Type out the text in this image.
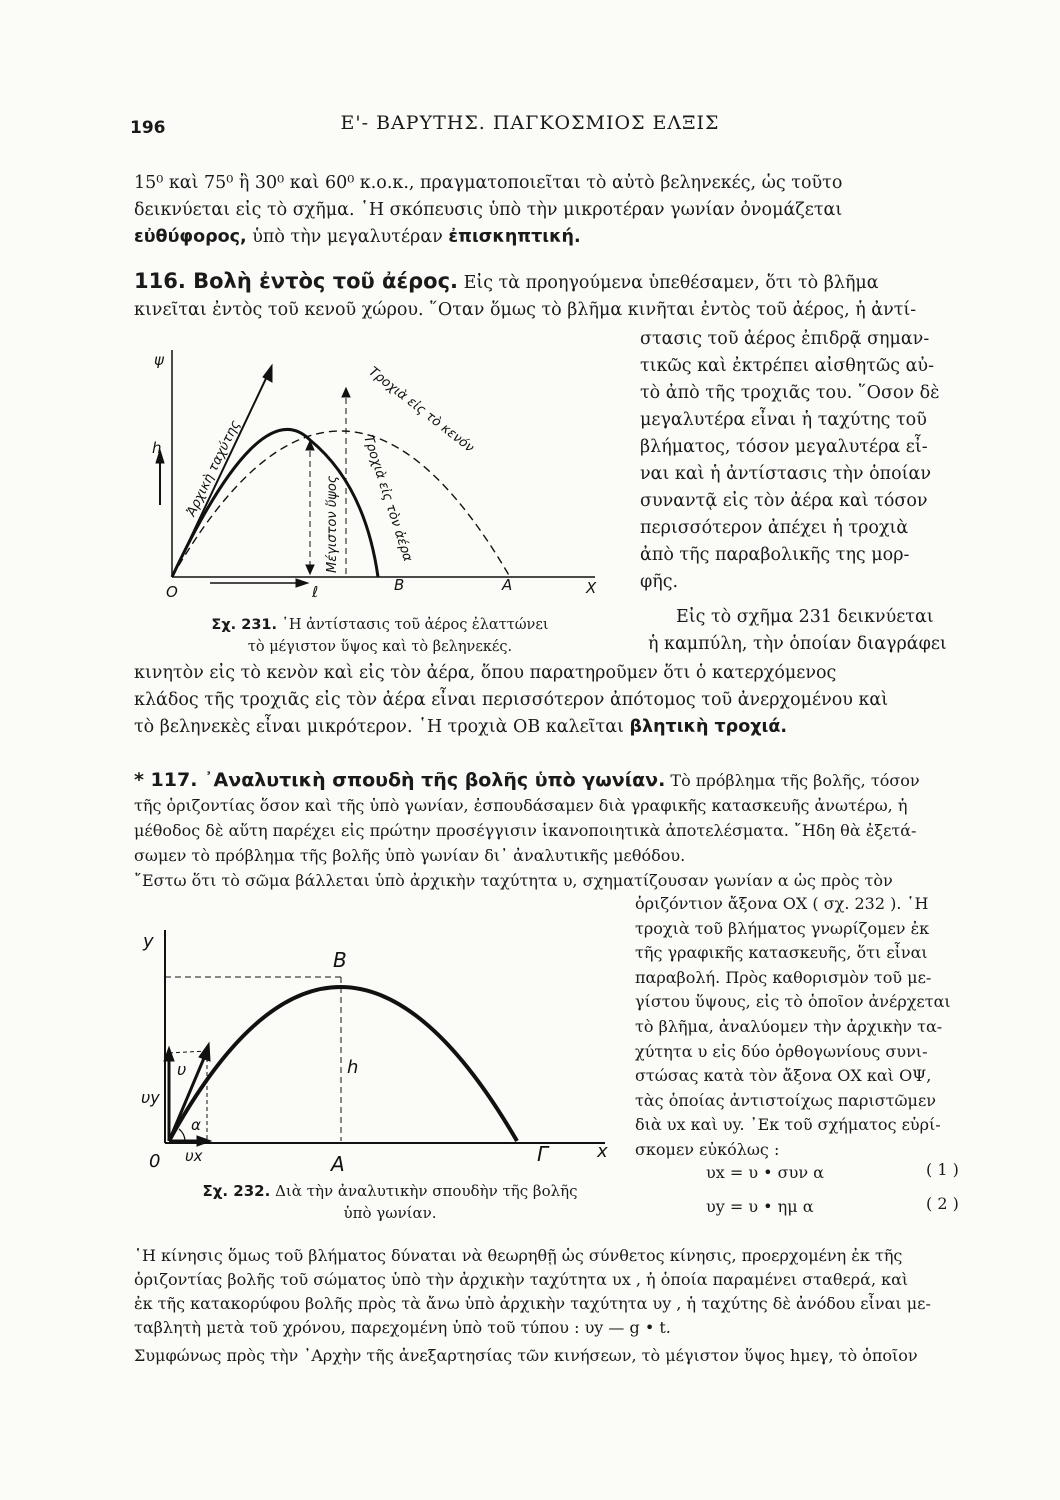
196	Ε'- ΒΑΡΥΤΗΣ. ΠΑΓΚΟΣΜΙΟΣ ΕΛΞΙΣ
15⁰ καὶ 75⁰ ἢ 30⁰ καὶ 60⁰ κ.ο.κ., πραγματοποιεῖται τὸ αὐτὸ βεληνεκές, ὡς τοῦτο
δεικνύεται εἰς τὸ σχῆμα. ῾Η σκόπευσις ὑπὸ τὴν μικροτέραν γωνίαν ὀνομάζεται
εὐθύφορος, ὑπὸ τὴν μεγαλυτέραν ἐπισκηπτική.
116. Βολὴ ἐντὸς τοῦ ἀέρος. Εἰς τὰ προηγούμενα ὑπεθέσαμεν, ὅτι τὸ βλῆμα
κινεῖται ἐντὸς τοῦ κενοῦ χώρου. ῞Οταν ὅμως τὸ βλῆμα κινῆται ἐντὸς τοῦ ἀέρος, ἡ ἀντί-
στασις τοῦ ἀέρος ἐπιδρᾷ σημαν-
τικῶς καὶ ἐκτρέπει αἰσθητῶς αὐ-
τὸ ἀπὸ τῆς τροχιᾶς του. ῞Οσον δὲ
μεγαλυτέρα εἶναι ἡ ταχύτης τοῦ
βλήματος, τόσον μεγαλυτέρα εἶ-
ναι καὶ ἡ ἀντίστασις τὴν ὁποίαν
συναντᾷ εἰς τὸν ἀέρα καὶ τόσον
περισσότερον ἀπέχει ἡ τροχιὰ
ἀπὸ τῆς παραβολικῆς της μορ-
φῆς.
Εἰς τὸ σχῆμα 231 δεικνύεται
ἡ καμπύλη, τὴν ὁποίαν διαγράφει
ψ
h
O	ℓ	B	A	X
Ἀρχικὴ ταχύτης
Τροχιὰ εἰς τὸ κενόν
Τροχιὰ εἰς τὸν ἀέρα
Μέγιστον ὕψος
Σχ. 231. ῾Η ἀντίστασις τοῦ ἀέρος ἐλαττώνει
τὸ μέγιστον ὕψος καὶ τὸ βεληνεκές.
κινητὸν εἰς τὸ κενὸν καὶ εἰς τὸν ἀέρα, ὅπου παρατηροῦμεν ὅτι ὁ κατερχόμενος
κλάδος τῆς τροχιᾶς εἰς τὸν ἀέρα εἶναι περισσότερον ἀπότομος τοῦ ἀνερχομένου καὶ
τὸ βεληνεκὲς εἶναι μικρότερον. ῾Η τροχιὰ ΟΒ καλεῖται βλητικὴ τροχιά.
* 117. ᾿Αναλυτικὴ σπουδὴ τῆς βολῆς ὑπὸ γωνίαν. Τὸ πρόβλημα τῆς βολῆς, τόσον
τῆς ὁριζοντίας ὅσον καὶ τῆς ὑπὸ γωνίαν, ἐσπουδάσαμεν διὰ γραφικῆς κατασκευῆς ἀνωτέρω, ἡ
μέθοδος δὲ αὕτη παρέχει εἰς πρώτην προσέγγισιν ἱκανοποιητικὰ ἀποτελέσματα. ῎Ηδη θὰ ἐξετά-
σωμεν τὸ πρόβλημα τῆς βολῆς ὑπὸ γωνίαν δι᾿ ἀναλυτικῆς μεθόδου.
῎Εστω ὅτι τὸ σῶμα βάλλεται ὑπὸ ἀρχικὴν ταχύτητα υ, σχηματίζουσαν γωνίαν α ὡς πρὸς τὸν
ὁριζόντιον ἄξονα ΟΧ ( σχ. 232 ). ῾Η
τροχιὰ τοῦ βλήματος γνωρίζομεν ἐκ
τῆς γραφικῆς κατασκευῆς, ὅτι εἶναι
παραβολή. Πρὸς καθορισμὸν τοῦ με-
γίστου ὕψους, εἰς τὸ ὁποῖον ἀνέρχεται
τὸ βλῆμα, ἀναλύομεν τὴν ἀρχικὴν τα-
χύτητα υ εἰς δύο ὀρθογωνίους συνι-
στώσας κατὰ τὸν ἄξονα ΟΧ καὶ ΟΨ,
τὰς ὁποίας ἀντιστοίχως παριστῶμεν
διὰ υx καὶ υy. ᾿Εκ τοῦ σχήματος εὑρί-
σκομεν εὐκόλως :
υx = υ • συν α	( 1 )
υy = υ • ημ α	( 2 )
y
B
υ	h
υy
α
0 υx	A	Γ	x
Σχ. 232. Διὰ τὴν ἀναλυτικὴν σπουδὴν τῆς βολῆς
ὑπὸ γωνίαν.
῾Η κίνησις ὅμως τοῦ βλήματος δύναται νὰ θεωρηθῇ ὡς σύνθετος κίνησις, προερχομένη ἐκ τῆς
ὁριζοντίας βολῆς τοῦ σώματος ὑπὸ τὴν ἀρχικὴν ταχύτητα υx , ἡ ὁποία παραμένει σταθερά, καὶ
ἐκ τῆς κατακορύφου βολῆς πρὸς τὰ ἄνω ὑπὸ ἀρχικὴν ταχύτητα υy , ἡ ταχύτης δὲ ἀνόδου εἶναι με-
ταβλητὴ μετὰ τοῦ χρόνου, παρεχομένη ὑπὸ τοῦ τύπου : υy — g • t.
Συμφώνως πρὸς τὴν ᾿Αρχὴν τῆς ἀνεξαρτησίας τῶν κινήσεων, τὸ μέγιστον ὕψος hμεγ, τὸ ὁποῖον
